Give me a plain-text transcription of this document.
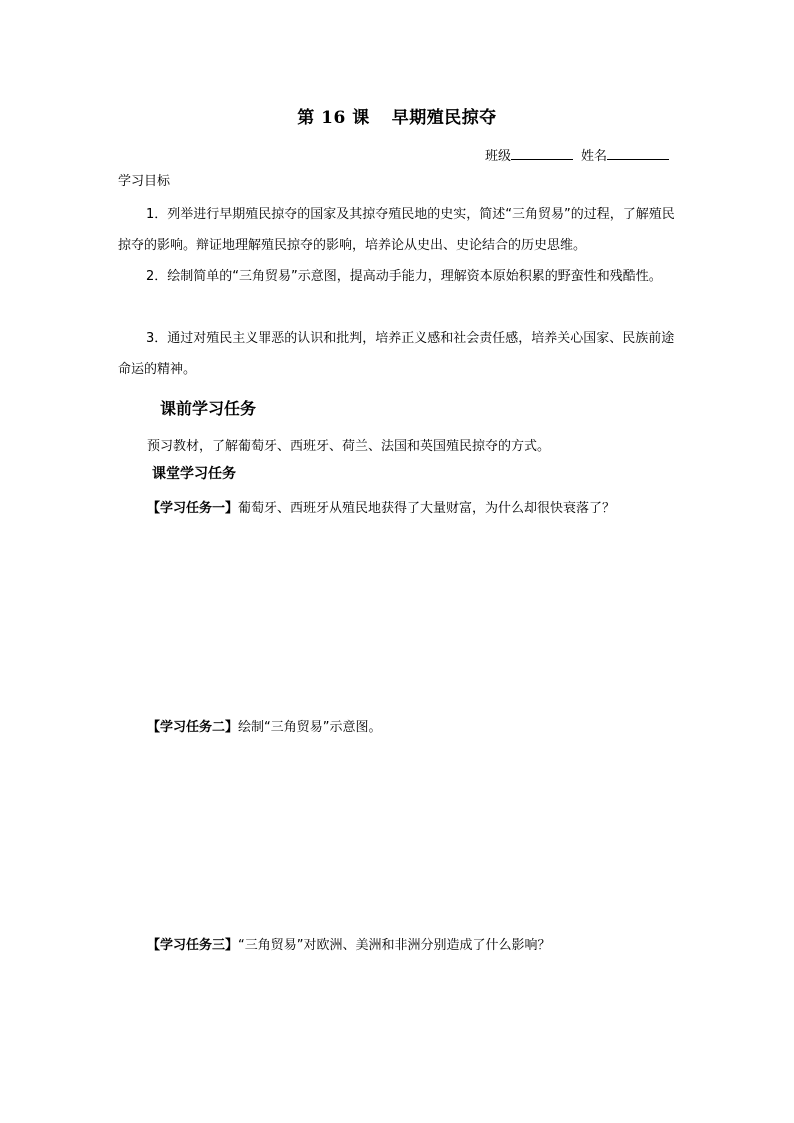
第 16 课 早期殖民掠夺
班级	姓名
学习目标
1．列举进行早期殖民掠夺的国家及其掠夺殖民地的史实，简述“三角贸易”的过程，了解殖民掠夺的影响。辩证地理解殖民掠夺的影响，培养论从史出、史论结合的历史思维。
2．绘制简单的“三角贸易”示意图，提高动手能力，理解资本原始积累的野蛮性和残酷性。
3．通过对殖民主义罪恶的认识和批判，培养正义感和社会责任感，培养关心国家、民族前途命运的精神。
课前学习任务
预习教材，了解葡萄牙、西班牙、荷兰、法国和英国殖民掠夺的方式。
课堂学习任务
【学习任务一】葡萄牙、西班牙从殖民地获得了大量财富，为什么却很快衰落了？
【学习任务二】绘制“三角贸易”示意图。
【学习任务三】“三角贸易”对欧洲、美洲和非洲分别造成了什么影响？
